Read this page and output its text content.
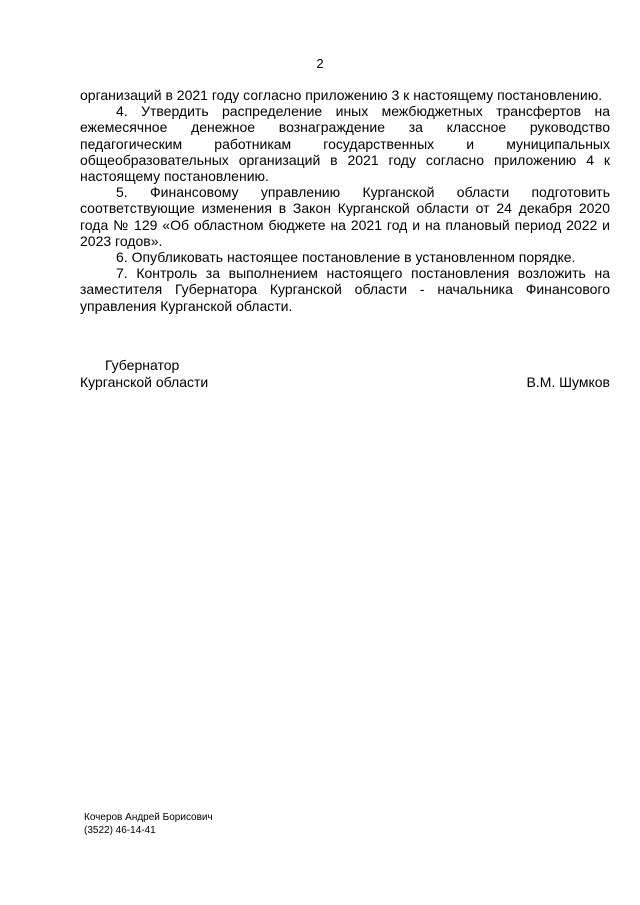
2

организаций в 2021 году согласно приложению 3 к настоящему постановлению.

4. Утвердить распределение иных межбюджетных трансфертов на ежемесячное денежное вознаграждение за классное руководство педагогическим работникам государственных и муниципальных общеобразовательных организаций в 2021 году согласно приложению 4 к настоящему постановлению.

5. Финансовому управлению Курганской области подготовить соответствующие изменения в Закон Курганской области от 24 декабря 2020 года № 129 «Об областном бюджете на 2021 год и на плановый период 2022 и 2023 годов».

6. Опубликовать настоящее постановление в установленном порядке.

7. Контроль за выполнением настоящего постановления возложить на заместителя Губернатора Курганской области - начальника Финансового управления Курганской области.

Губернатор
Курганской области	В.М. Шумков
Кочеров Андрей Борисович
(3522) 46-14-41
